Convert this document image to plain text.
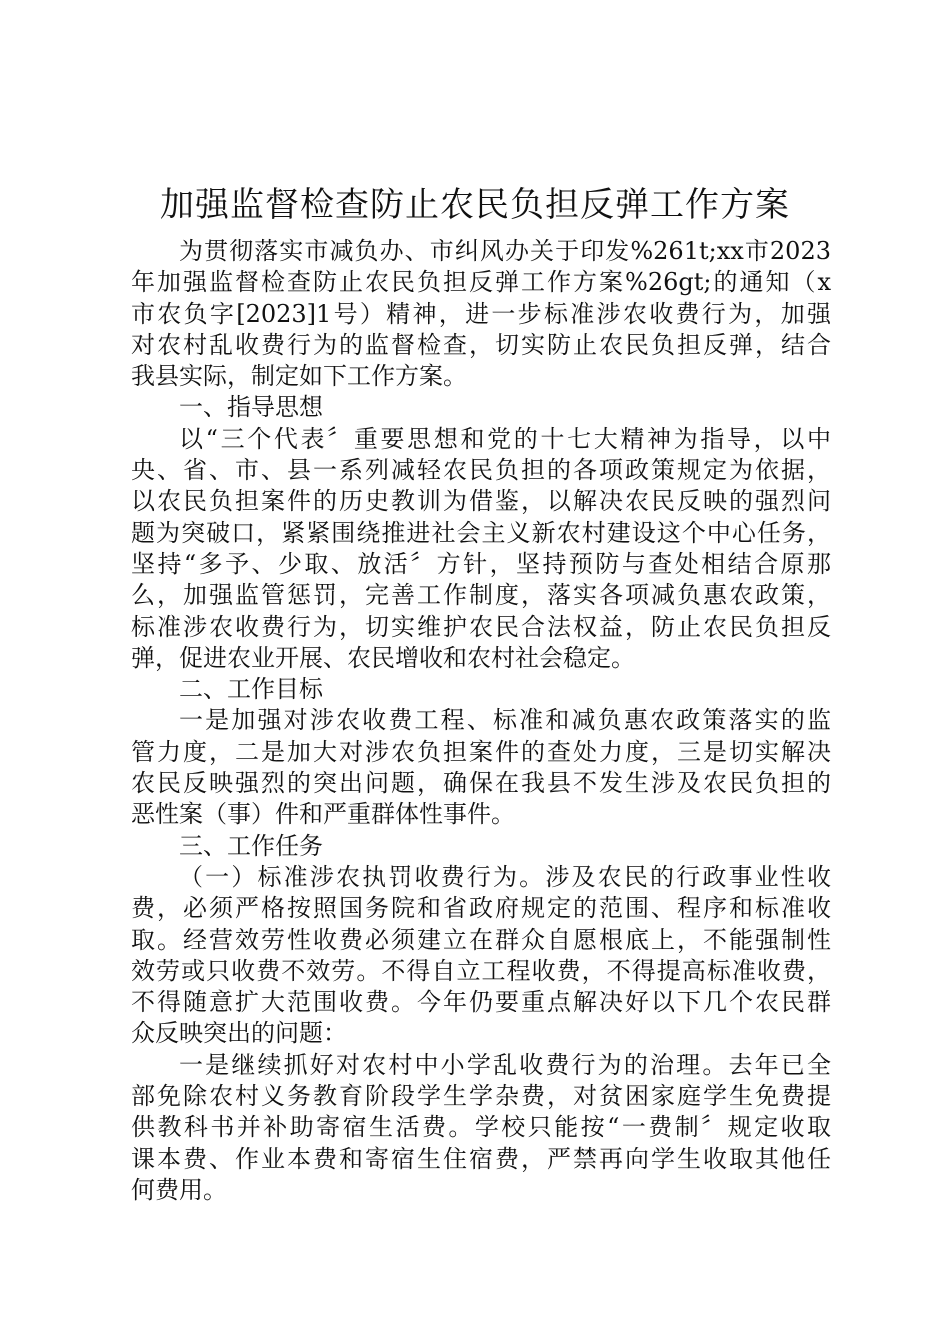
加强监督检查防止农民负担反弹工作方案
为贯彻落实市减负办、市纠风办关于印发%261t;xx市2023
年加强监督检查防止农民负担反弹工作方案%26gt;的通知（x
市农负字[2023]1号）精神，进一步标准涉农收费行为，加强
对农村乱收费行为的监督检查，切实防止农民负担反弹，结合
我县实际，制定如下工作方案。
一、指导思想
以“三个代表〞重要思想和党的十七大精神为指导，以中
央、省、市、县一系列减轻农民负担的各项政策规定为依据，
以农民负担案件的历史教训为借鉴，以解决农民反映的强烈问
题为突破口，紧紧围绕推进社会主义新农村建设这个中心任务，
坚持“多予、少取、放活〞方针，坚持预防与查处相结合原那
么，加强监管惩罚，完善工作制度，落实各项减负惠农政策，
标准涉农收费行为，切实维护农民合法权益，防止农民负担反
弹，促进农业开展、农民增收和农村社会稳定。
二、工作目标
一是加强对涉农收费工程、标准和减负惠农政策落实的监
管力度，二是加大对涉农负担案件的查处力度，三是切实解决
农民反映强烈的突出问题，确保在我县不发生涉及农民负担的
恶性案（事）件和严重群体性事件。
三、工作任务
（一）标准涉农执罚收费行为。涉及农民的行政事业性收
费，必须严格按照国务院和省政府规定的范围、程序和标准收
取。经营效劳性收费必须建立在群众自愿根底上，不能强制性
效劳或只收费不效劳。不得自立工程收费，不得提高标准收费，
不得随意扩大范围收费。今年仍要重点解决好以下几个农民群
众反映突出的问题：
一是继续抓好对农村中小学乱收费行为的治理。去年已全
部免除农村义务教育阶段学生学杂费，对贫困家庭学生免费提
供教科书并补助寄宿生活费。学校只能按“一费制〞规定收取
课本费、作业本费和寄宿生住宿费，严禁再向学生收取其他任
何费用。
